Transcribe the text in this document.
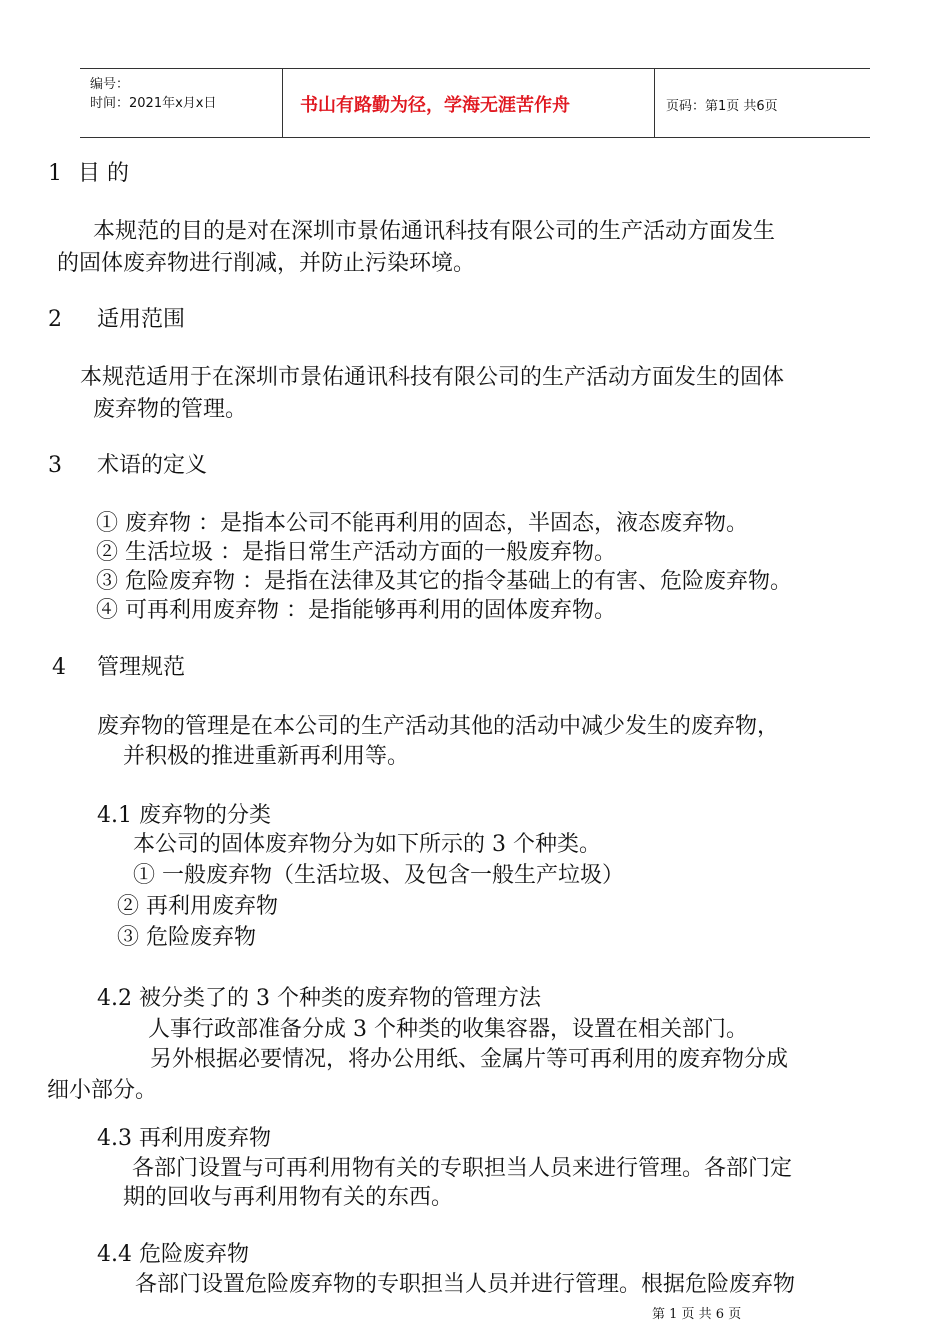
编号：
时间：2021年x月x日	书山有路勤为径，学海无涯苦作舟	页码：第1页 共6页
1 目 的
本规范的目的是对在深圳市景佑通讯科技有限公司的生产活动方面发生
的固体废弃物进行削减，并防止污染环境。
2 适用范围
本规范适用于在深圳市景佑通讯科技有限公司的生产活动方面发生的固体
废弃物的管理。
3 术语的定义
① 废弃物 ：是指本公司不能再利用的固态，半固态，液态废弃物。
② 生活垃圾 ：是指日常生产活动方面的一般废弃物。
③ 危险废弃物 ：是指在法律及其它的指令基础上的有害、危险废弃物。
④ 可再利用废弃物 ：是指能够再利用的固体废弃物。
4 管理规范
废弃物的管理是在本公司的生产活动其他的活动中减少发生的废弃物，
并积极的推进重新再利用等。
4.1 废弃物的分类
本公司的固体废弃物分为如下所示的 3 个种类。
① 一般废弃物（生活垃圾、及包含一般生产垃圾）
② 再利用废弃物
③ 危险废弃物
4.2 被分类了的 3 个种类的废弃物的管理方法
人事行政部准备分成 3 个种类的收集容器，设置在相关部门。
另外根据必要情况，将办公用纸、金属片等可再利用的废弃物分成
细小部分。
4.3 再利用废弃物
各部门设置与可再利用物有关的专职担当人员来进行管理。各部门定
期的回收与再利用物有关的东西。
4.4 危险废弃物
各部门设置危险废弃物的专职担当人员并进行管理。根据危险废弃物
第 1 页 共 6 页
